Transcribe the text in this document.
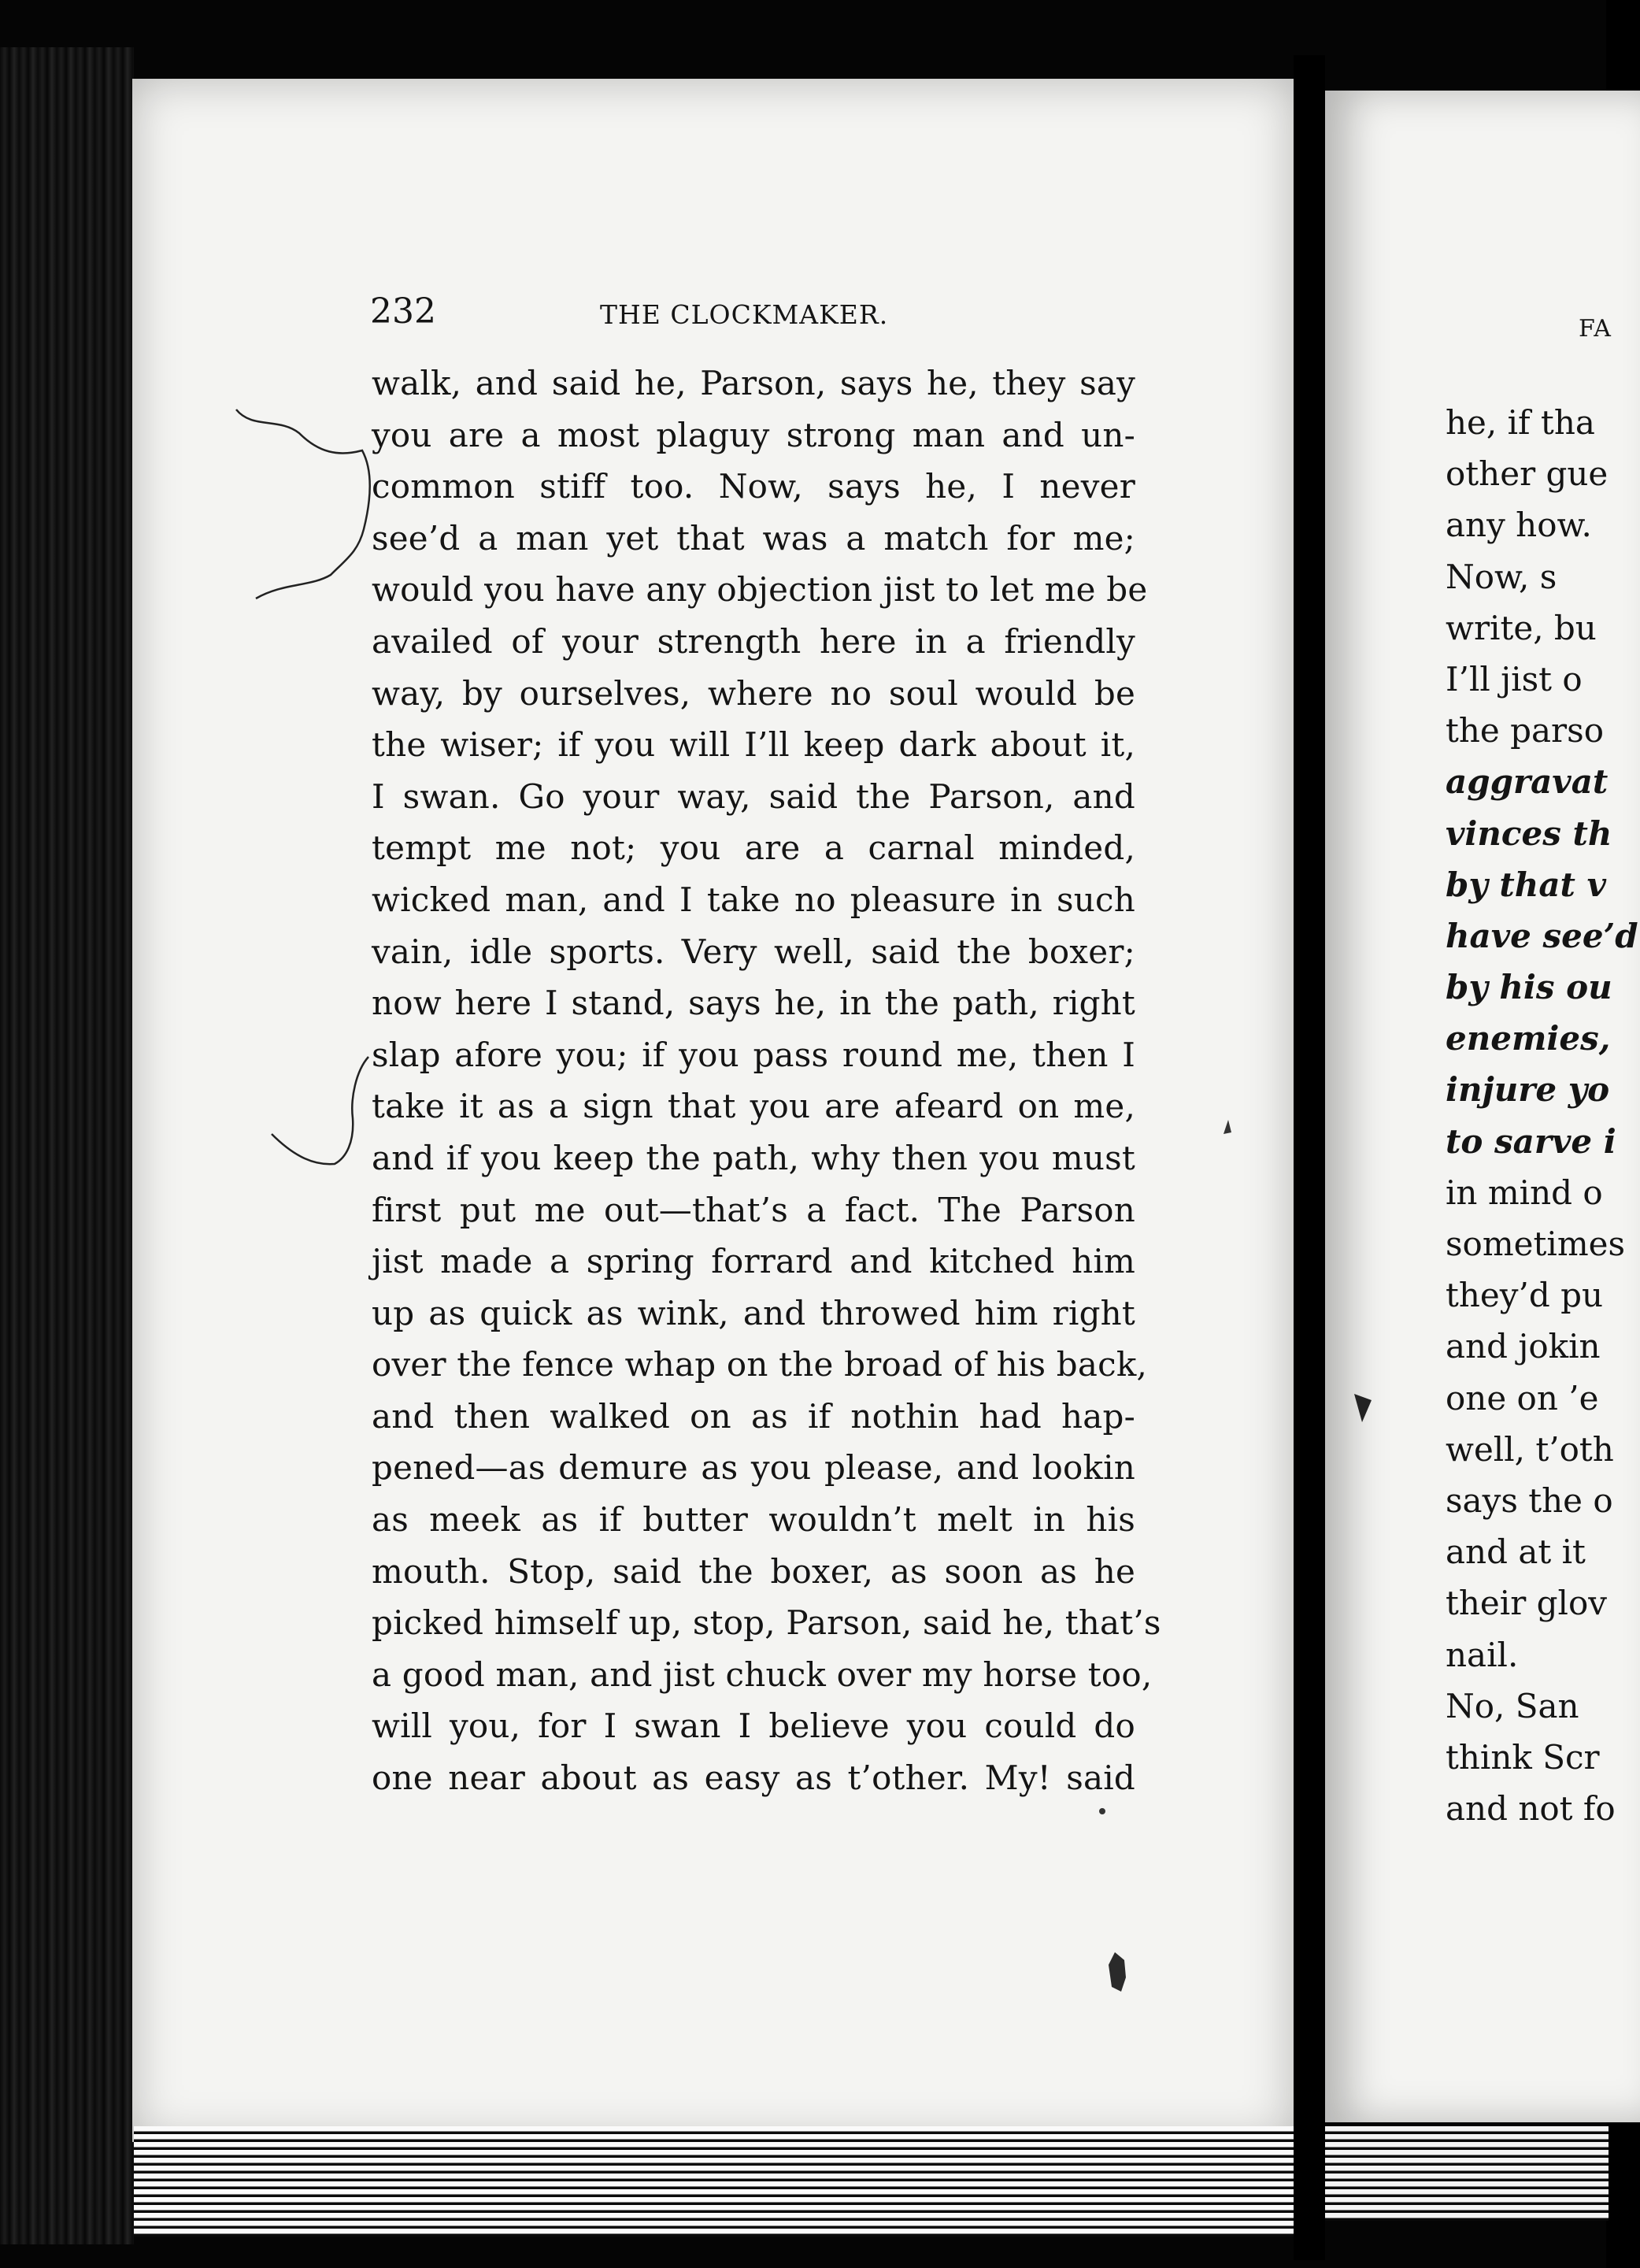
232	THE CLOCKMAKER.
walk, and said he, Parson, says he, they say
you are a most plaguy strong man and un-
common stiff too. Now, says he, I never
see’d a man yet that was a match for me;
would you have any objection jist to let me be
availed of your strength here in a friendly
way, by ourselves, where no soul would be
the wiser; if you will I’ll keep dark about it,
I swan. Go your way, said the Parson, and
tempt me not; you are a carnal minded,
wicked man, and I take no pleasure in such
vain, idle sports. Very well, said the boxer;
now here I stand, says he, in the path, right
slap afore you; if you pass round me, then I
take it as a sign that you are afeard on me,
and if you keep the path, why then you must
first put me out—that’s a fact. The Parson
jist made a spring forrard and kitched him
up as quick as wink, and throwed him right
over the fence whap on the broad of his back,
and then walked on as if nothin had hap-
pened—as demure as you please, and lookin
as meek as if butter wouldn’t melt in his
mouth. Stop, said the boxer, as soon as he
picked himself up, stop, Parson, said he, that’s
a good man, and jist chuck over my horse too,
will you, for I swan I believe you could do
one near about as easy as t’other. My! said
FA
he, if tha
other gue
any how.
Now, s
write, bu
I’ll jist o
the parso
aggravat
vinces th
by that v
have see’d
by his ou
enemies,
injure yo
to sarve i
in mind o
sometimes
they’d pu
and jokin
one on ’e
well, t’oth
says the o
and at it
their glov
nail.
No, San
think Scr
and not fo
